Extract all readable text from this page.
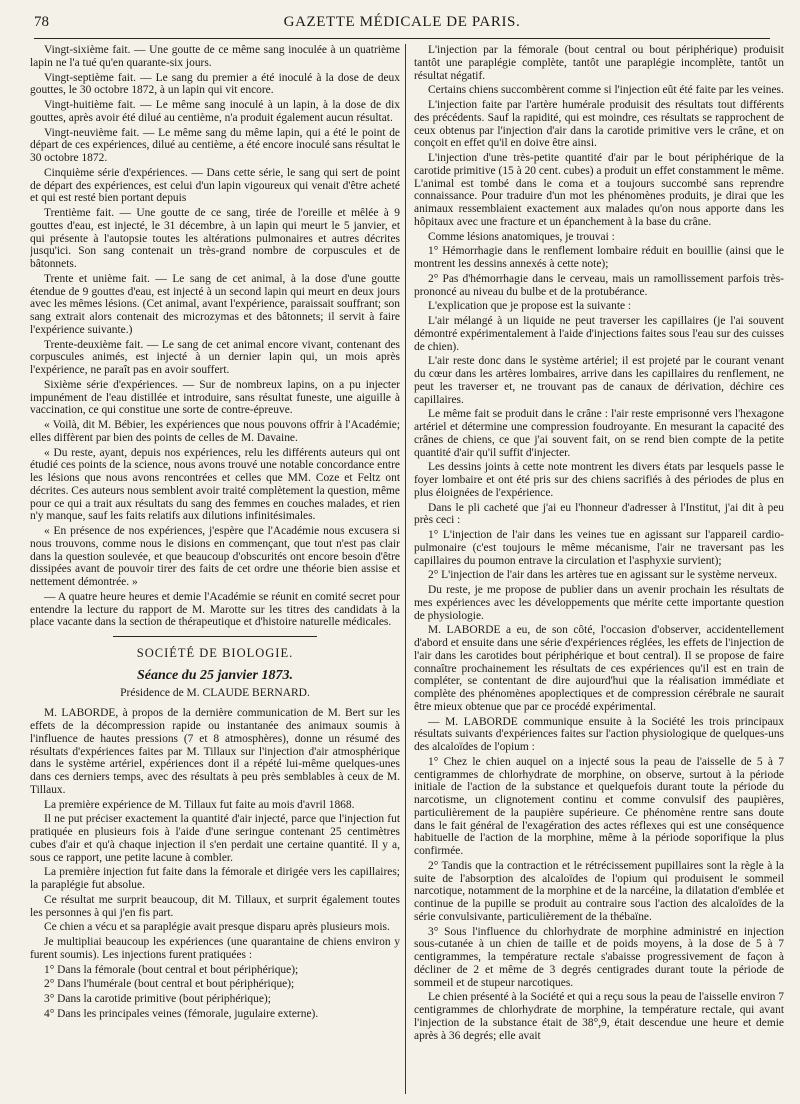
78	GAZETTE MÉDICALE DE PARIS.

Vingt-sixième fait. — Une goutte de ce même sang inoculée à un quatrième lapin ne l'a tué qu'en quarante-six jours.

Vingt-septième fait. — Le sang du premier a été inoculé à la dose de deux gouttes, le 30 octobre 1872, à un lapin qui vit encore.

Vingt-huitième fait. — Le même sang inoculé à un lapin, à la dose de dix gouttes, après avoir été dilué au centième, n'a produit également aucun résultat.

Vingt-neuvième fait. — Le même sang du même lapin, qui a été le point de départ de ces expériences, dilué au centième, a été encore inoculé sans résultat le 30 octobre 1872.

Cinquième série d'expériences. — Dans cette série, le sang qui sert de point de départ des expériences, est celui d'un lapin vigoureux qui venait d'être acheté et qui est resté bien portant depuis

Trentième fait. — Une goutte de ce sang, tirée de l'oreille et mêlée à 9 gouttes d'eau, est injecté, le 31 décembre, à un lapin qui meurt le 5 janvier, et qui présente à l'autopsie toutes les altérations pulmonaires et autres décrites jusqu'ici. Son sang contenait un très-grand nombre de corpuscules et de bâtonnets.

Trente et unième fait. — Le sang de cet animal, à la dose d'une goutte étendue de 9 gouttes d'eau, est injecté à un second lapin qui meurt en deux jours avec les mêmes lésions. (Cet animal, avant l'expérience, paraissait souffrant; son sang extrait alors contenait des microzymas et des bâtonnets; il servit à faire l'expérience suivante.)

Trente-deuxième fait. — Le sang de cet animal encore vivant, contenant des corpuscules animés, est injecté à un dernier lapin qui, un mois après l'expérience, ne paraît pas en avoir souffert.

Sixième série d'expériences. — Sur de nombreux lapins, on a pu injecter impunément de l'eau distillée et introduire, sans résultat funeste, une aiguille à vaccination, ce qui constitue une sorte de contre-épreuve.

« Voilà, dit M. Bébier, les expériences que nous pouvons offrir à l'Académie; elles diffèrent par bien des points de celles de M. Davaine.

« Du reste, ayant, depuis nos expériences, relu les différents auteurs qui ont étudié ces points de la science, nous avons trouvé une notable concordance entre les lésions que nous avons rencontrées et celles que MM. Coze et Feltz ont décrites. Ces auteurs nous semblent avoir traité complètement la question, même pour ce qui a trait aux résultats du sang des femmes en couches malades, et rien n'y manque, sauf les faits relatifs aux dilutions infinitésimales.

« En présence de nos expériences, j'espère que l'Académie nous excusera si nous trouvons, comme nous le disions en commençant, que tout n'est pas clair dans la question soulevée, et que beaucoup d'obscurités ont encore besoin d'être dissipées avant de pouvoir tirer des faits de cet ordre une théorie bien assise et nettement démontrée. »

— A quatre heure heures et demie l'Académie se réunit en comité secret pour entendre la lecture du rapport de M. Marotte sur les titres des candidats à la place vacante dans la section de thérapeutique et d'histoire naturelle médicales.

SOCIÉTÉ DE BIOLOGIE.
Séance du 25 janvier 1873.
Présidence de M. CLAUDE BERNARD.

M. LABORDE, à propos de la dernière communication de M. Bert sur les effets de la décompression rapide ou instantanée des animaux soumis à l'influence de hautes pressions (7 et 8 atmosphères), donne un résumé des résultats d'expériences faites par M. Tillaux sur l'injection d'air atmosphérique dans le système artériel, expériences dont il a répété lui-même quelques-unes dans ces derniers temps, avec des résultats à peu près semblables à ceux de M. Tillaux.

La première expérience de M. Tillaux fut faite au mois d'avril 1868.

Il ne put préciser exactement la quantité d'air injecté, parce que l'injection fut pratiquée en plusieurs fois à l'aide d'une seringue contenant 25 centimètres cubes d'air et qu'à chaque injection il s'en perdait une certaine quantité. Il y a, sous ce rapport, une petite lacune à combler.

La première injection fut faite dans la fémorale et dirigée vers les capillaires; la paraplégie fut absolue.

Ce résultat me surprit beaucoup, dit M. Tillaux, et surprit également toutes les personnes à qui j'en fis part.

Ce chien a vécu et sa paraplégie avait presque disparu après plusieurs mois.

Je multipliai beaucoup les expériences (une quarantaine de chiens environ y furent soumis). Les injections furent pratiquées :

1° Dans la fémorale (bout central et bout périphérique);

2° Dans l'humérale (bout central et bout périphérique);

3° Dans la carotide primitive (bout périphérique);

4° Dans les principales veines (fémorale, jugulaire externe).

L'injection par la fémorale (bout central ou bout périphérique) produisit tantôt une paraplégie complète, tantôt une paraplégie incomplète, tantôt un résultat négatif.

Certains chiens succombèrent comme si l'injection eût été faite par les veines.

L'injection faite par l'artère humérale produisit des résultats tout différents des précédents. Sauf la rapidité, qui est moindre, ces résultats se rapprochent de ceux obtenus par l'injection d'air dans la carotide primitive vers le crâne, et on conçoit en effet qu'il en doive être ainsi.

L'injection d'une très-petite quantité d'air par le bout périphérique de la carotide primitive (15 à 20 cent. cubes) a produit un effet constamment le même. L'animal est tombé dans le coma et a toujours succombé sans reprendre connaissance. Pour traduire d'un mot les phénomènes produits, je dirai que les animaux ressemblaient exactement aux malades qu'on nous apporte dans les hôpitaux avec une fracture et un épanchement à la base du crâne.

Comme lésions anatomiques, je trouvai :

1° Hémorrhagie dans le renflement lombaire réduit en bouillie (ainsi que le montrent les dessins annexés à cette note);

2° Pas d'hémorrhagie dans le cerveau, mais un ramollissement parfois très-prononcé au niveau du bulbe et de la protubérance.

L'explication que je propose est la suivante :

L'air mélangé à un liquide ne peut traverser les capillaires (je l'ai souvent démontré expérimentalement à l'aide d'injections faites sous l'eau sur des cuisses de chien).

L'air reste donc dans le système artériel; il est projeté par le courant venant du cœur dans les artères lombaires, arrive dans les capillaires du renflement, ne peut les traverser et, ne trouvant pas de canaux de dérivation, déchire ces capillaires.

Le même fait se produit dans le crâne : l'air reste emprisonné vers l'hexagone artériel et détermine une compression foudroyante. En mesurant la capacité des crânes de chiens, ce que j'ai souvent fait, on se rend bien compte de la petite quantité d'air qu'il suffit d'injecter.

Les dessins joints à cette note montrent les divers états par lesquels passe le foyer lombaire et ont été pris sur des chiens sacrifiés à des périodes de plus en plus éloignées de l'expérience.

Dans le pli cacheté que j'ai eu l'honneur d'adresser à l'Institut, j'ai dit à peu près ceci :

1° L'injection de l'air dans les veines tue en agissant sur l'appareil cardio-pulmonaire (c'est toujours le même mécanisme, l'air ne traversant pas les capillaires du poumon entrave la circulation et l'asphyxie survient);

2° L'injection de l'air dans les artères tue en agissant sur le système nerveux.

Du reste, je me propose de publier dans un avenir prochain les résultats de mes expériences avec les développements que mérite cette importante question de physiologie.

M. LABORDE a eu, de son côté, l'occasion d'observer, accidentellement d'abord et ensuite dans une série d'expériences réglées, les effets de l'injection de l'air dans les carotides bout périphérique et bout central). Il se propose de faire connaître prochainement les résultats de ces expériences qu'il est en train de compléter, se contentant de dire aujourd'hui que la réalisation immédiate et complète des phénomènes apoplectiques et de compression cérébrale ne saurait être mieux obtenue que par ce procédé expérimental.

— M. LABORDE communique ensuite à la Société les trois principaux résultats suivants d'expériences faites sur l'action physiologique de quelques-uns des alcaloïdes de l'opium :

1° Chez le chien auquel on a injecté sous la peau de l'aisselle de 5 à 7 centigrammes de chlorhydrate de morphine, on observe, surtout à la période initiale de l'action de la substance et quelquefois durant toute la période du narcotisme, un clignotement continu et comme convulsif des paupières, particulièrement de la paupière supérieure. Ce phénomène rentre sans doute dans le fait général de l'exagération des actes réflexes qui est une conséquence habituelle de l'action de la morphine, même à la période soporifique la plus confirmée.

2° Tandis que la contraction et le rétrécissement pupillaires sont la règle à la suite de l'absorption des alcaloïdes de l'opium qui produisent le sommeil narcotique, notamment de la morphine et de la narcéine, la dilatation d'emblée et continue de la pupille se produit au contraire sous l'action des alcaloïdes de la série convulsivante, particulièrement de la thébaïne.

3° Sous l'influence du chlorhydrate de morphine administré en injection sous-cutanée à un chien de taille et de poids moyens, à la dose de 5 à 7 centigrammes, la température rectale s'abaisse progressivement de façon à décliner de 2 et même de 3 degrés centigrades durant toute la période de sommeil et de stupeur narcotiques.

Le chien présenté à la Société et qui a reçu sous la peau de l'aisselle environ 7 centigrammes de chlorhydrate de morphine, la température rectale, qui avant l'injection de la substance était de 38°,9, était descendue une heure et demie après à 36 degrés; elle avait
